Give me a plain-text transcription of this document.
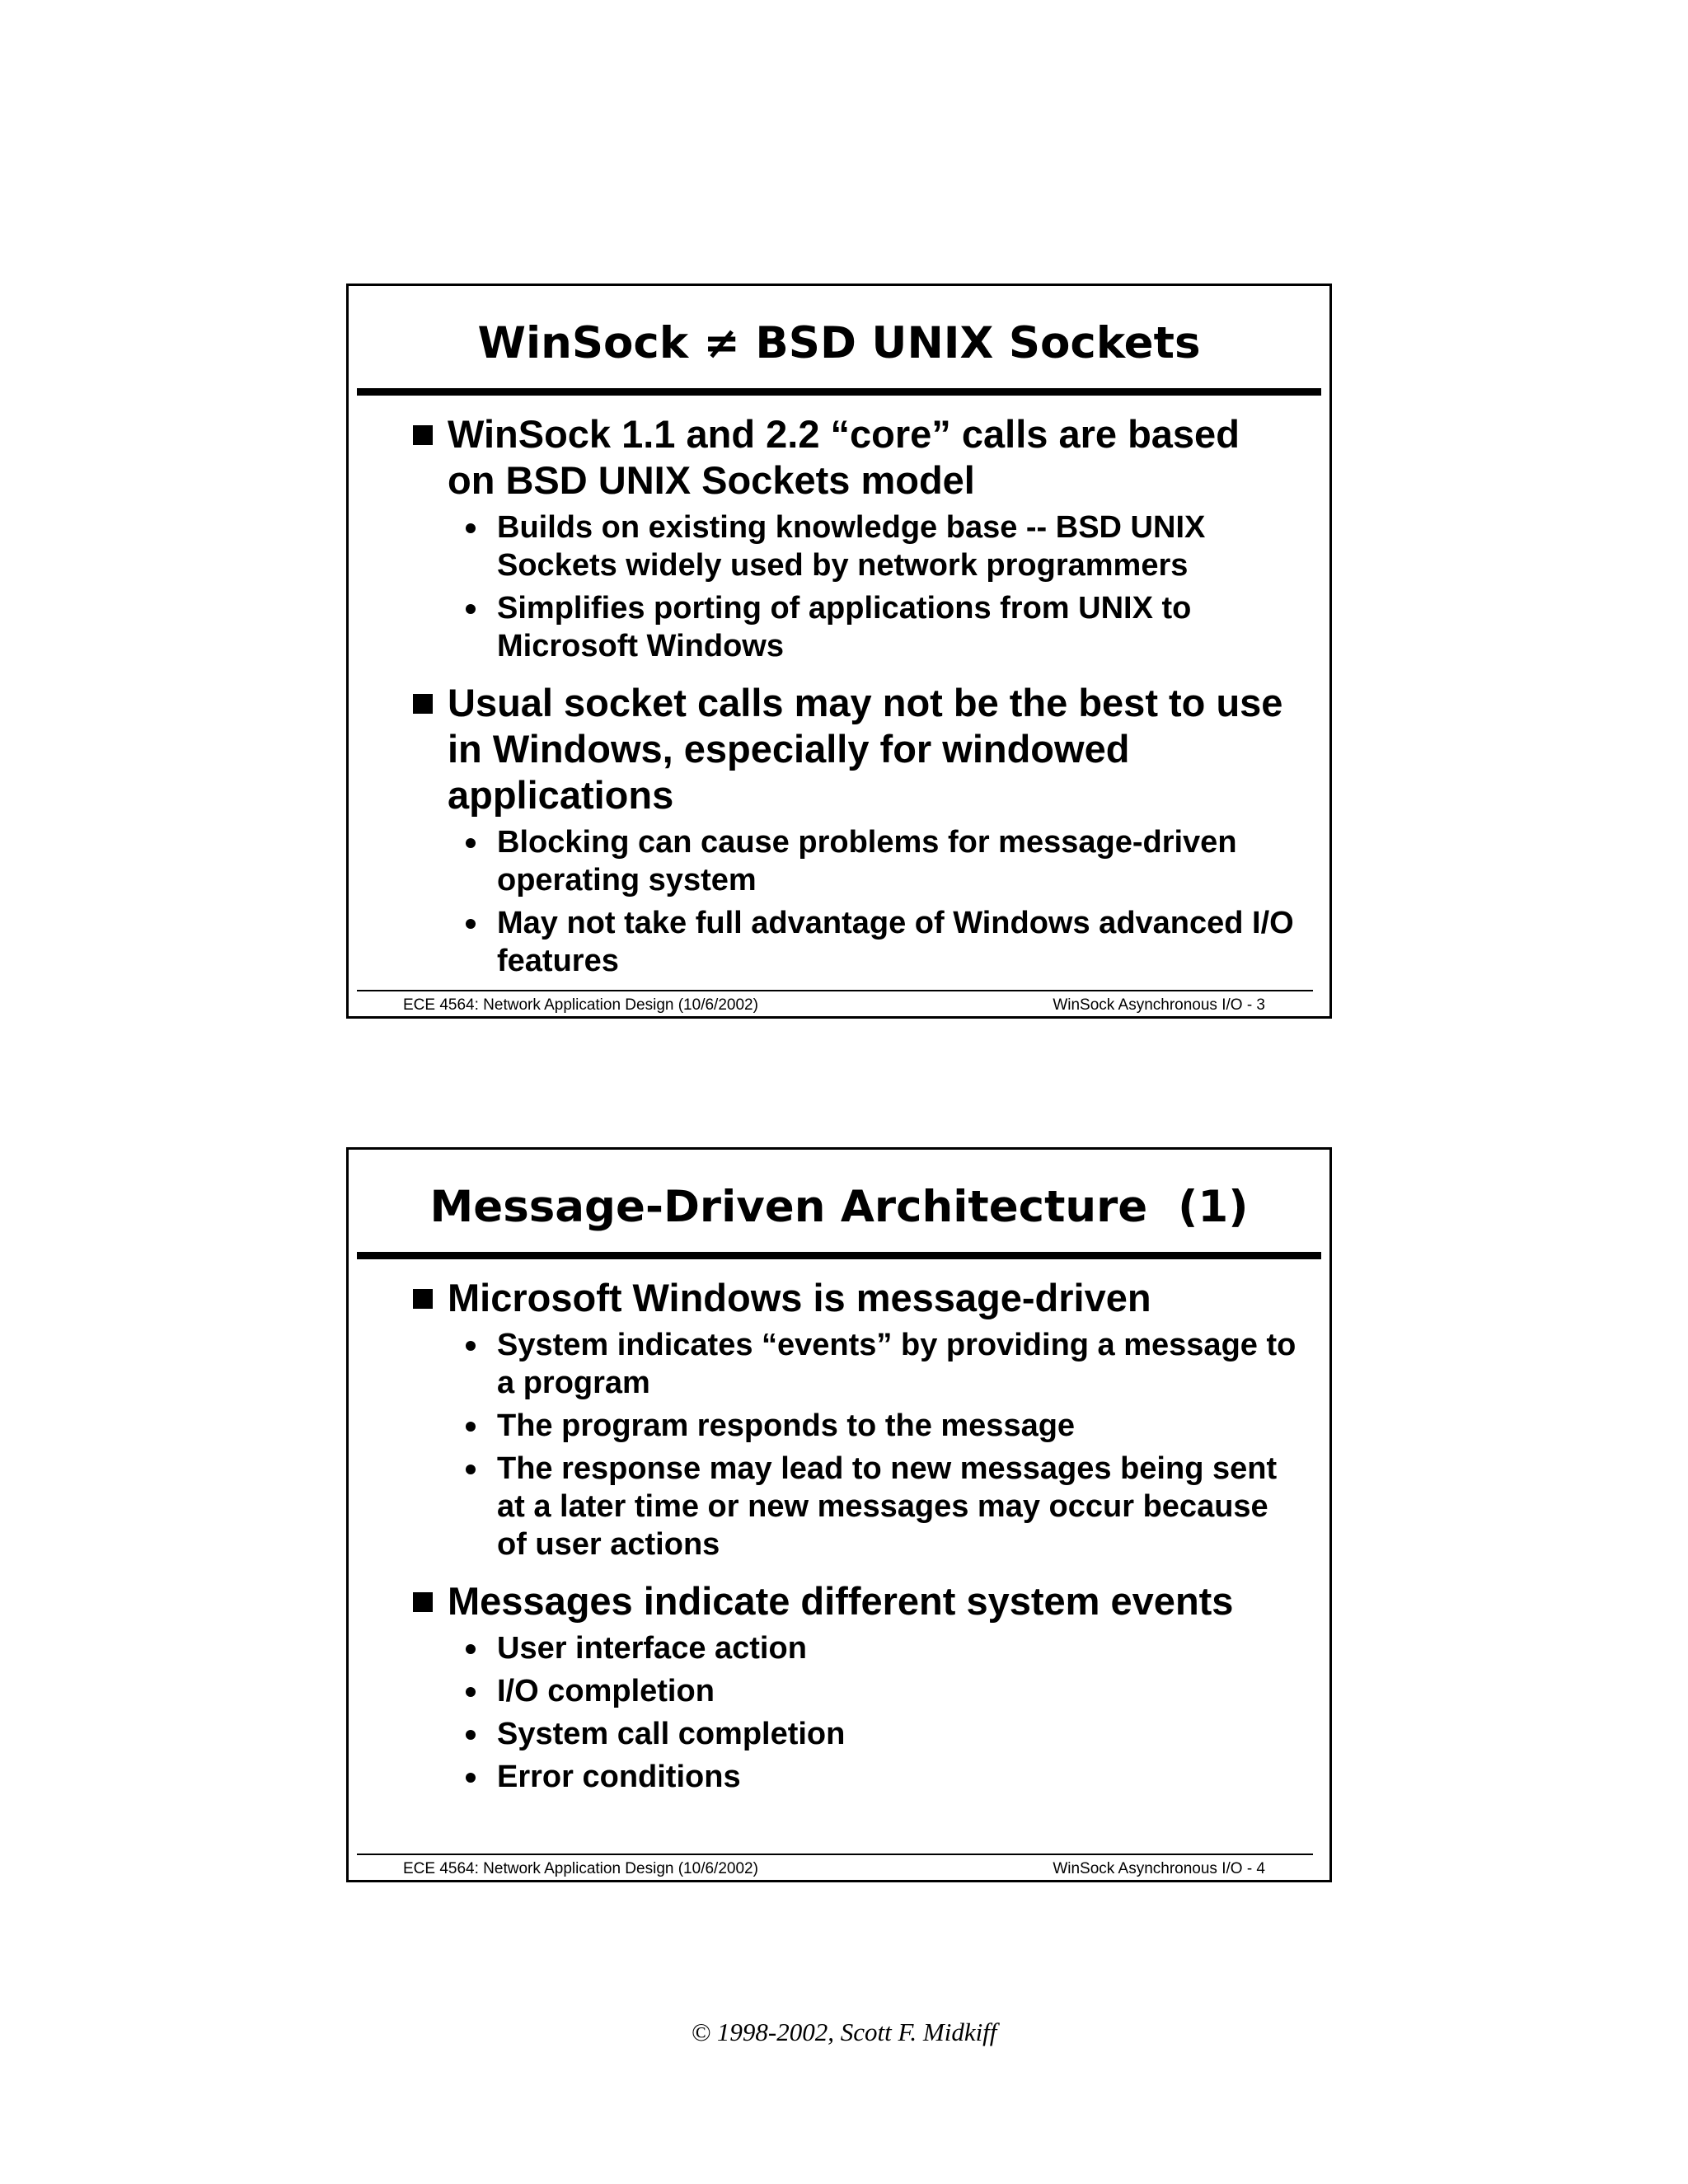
WinSock ≠ BSD UNIX Sockets
WinSock 1.1 and 2.2 “core” calls are based on BSD UNIX Sockets model
Builds on existing knowledge base -- BSD UNIX Sockets widely used by network programmers
Simplifies porting of applications from UNIX to Microsoft Windows
Usual socket calls may not be the best to use in Windows, especially for windowed applications
Blocking can cause problems for message-driven operating system
May not take full advantage of Windows advanced I/O features
ECE 4564: Network Application Design (10/6/2002)	WinSock Asynchronous I/O - 3
Message-Driven Architecture  (1)
Microsoft Windows is message-driven
System indicates “events” by providing a message to a program
The program responds to the message
The response may lead to new messages being sent at a later time or new messages may occur because of user actions
Messages indicate different system events
User interface action
I/O completion
System call completion
Error conditions
ECE 4564: Network Application Design (10/6/2002)	WinSock Asynchronous I/O - 4
© 1998-2002, Scott F. Midkiff
